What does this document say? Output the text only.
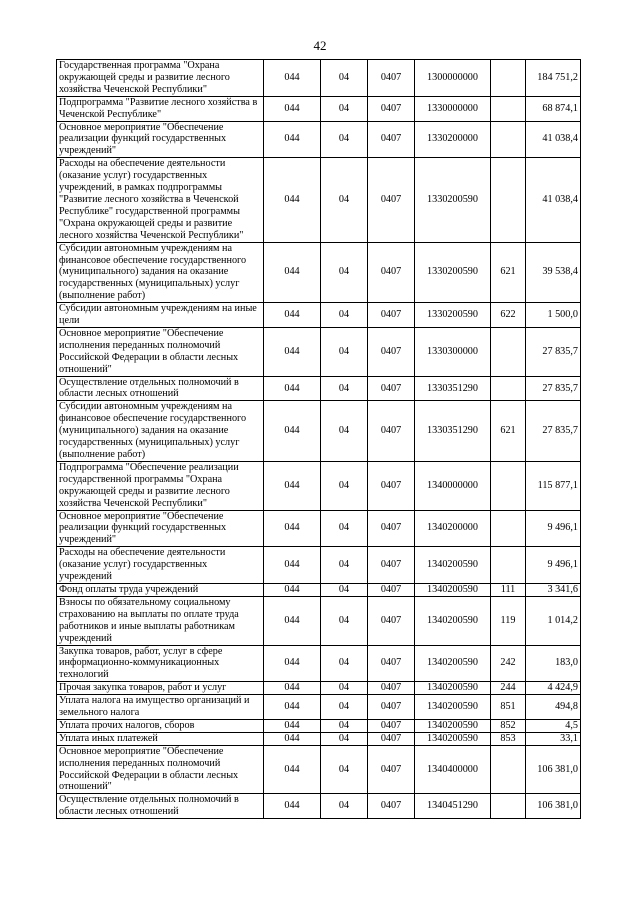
42
Государственная программа "Охрана окружающей среды и развитие лесного хозяйства Чеченской Республики"	044	04	0407	1300000000		184 751,2
Подпрограмма "Развитие лесного хозяйства в Чеченской Республике"	044	04	0407	1330000000		68 874,1
Основное мероприятие "Обеспечение реализации функций государственных учреждений"	044	04	0407	1330200000		41 038,4
Расходы на обеспечение деятельности (оказание услуг) государственных учреждений, в рамках подпрограммы "Развитие лесного хозяйства в Чеченской Республике" государственной программы "Охрана окружающей среды и развитие лесного хозяйства Чеченской Республики"	044	04	0407	1330200590		41 038,4
Субсидии автономным учреждениям на финансовое обеспечение государственного (муниципального) задания на оказание государственных (муниципальных) услуг (выполнение работ)	044	04	0407	1330200590	621	39 538,4
Субсидии автономным учреждениям на иные цели	044	04	0407	1330200590	622	1 500,0
Основное мероприятие "Обеспечение исполнения переданных полномочий Российской Федерации в области лесных отношений"	044	04	0407	1330300000		27 835,7
Осуществление отдельных полномочий в области лесных отношений	044	04	0407	1330351290		27 835,7
Субсидии автономным учреждениям на финансовое обеспечение государственного (муниципального) задания на оказание государственных (муниципальных) услуг (выполнение работ)	044	04	0407	1330351290	621	27 835,7
Подпрограмма "Обеспечение реализации государственной программы "Охрана окружающей среды и развитие лесного хозяйства Чеченской Республики"	044	04	0407	1340000000		115 877,1
Основное мероприятие "Обеспечение реализации функций государственных учреждений"	044	04	0407	1340200000		9 496,1
Расходы на обеспечение деятельности (оказание услуг) государственных учреждений	044	04	0407	1340200590		9 496,1
Фонд оплаты труда учреждений	044	04	0407	1340200590	111	3 341,6
Взносы по обязательному социальному страхованию на выплаты по оплате труда работников и иные выплаты работникам учреждений	044	04	0407	1340200590	119	1 014,2
Закупка товаров, работ, услуг в сфере информационно-коммуникационных технологий	044	04	0407	1340200590	242	183,0
Прочая закупка товаров, работ и услуг	044	04	0407	1340200590	244	4 424,9
Уплата налога на имущество организаций и земельного налога	044	04	0407	1340200590	851	494,8
Уплата прочих налогов, сборов	044	04	0407	1340200590	852	4,5
Уплата иных платежей	044	04	0407	1340200590	853	33,1
Основное мероприятие "Обеспечение исполнения переданных полномочий Российской Федерации в области лесных отношений"	044	04	0407	1340400000		106 381,0
Осуществление отдельных полномочий в области лесных отношений	044	04	0407	1340451290		106 381,0
